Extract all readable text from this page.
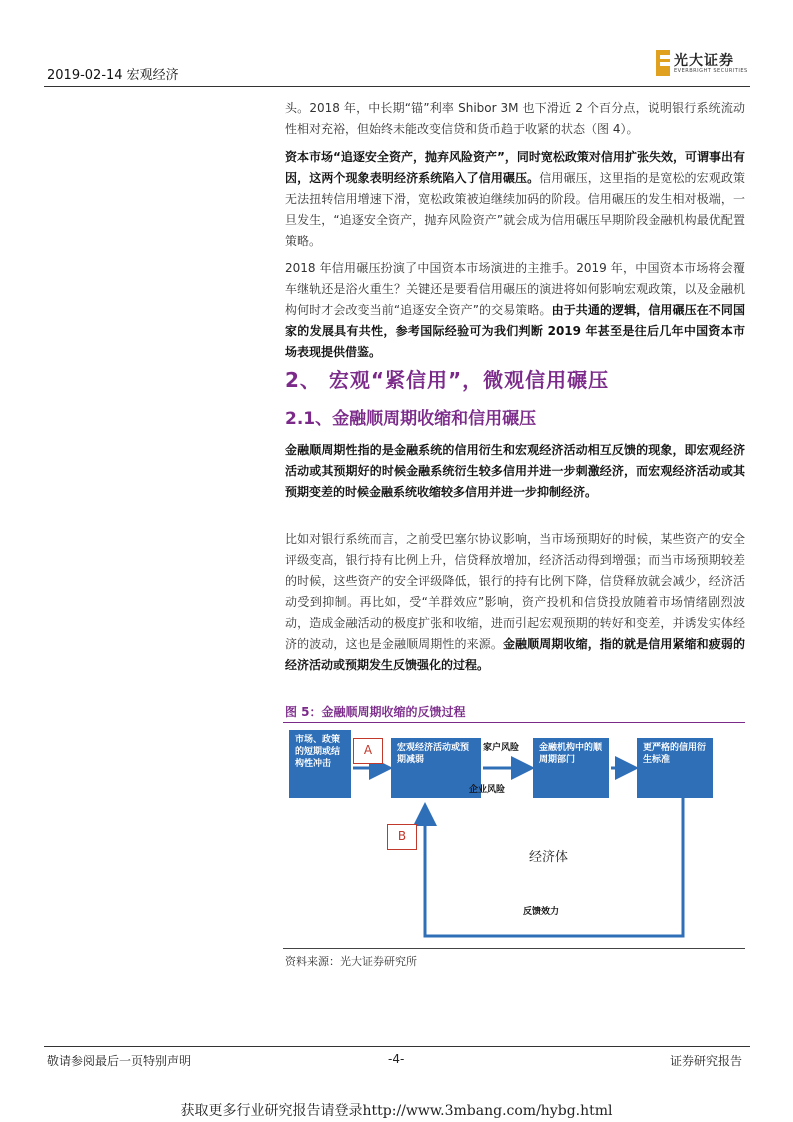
2019-02-14 宏观经济
光大证券
EVERBRIGHT SECURITIES
头。2018 年，中长期“锚”利率 Shibor 3M 也下滑近 2 个百分点，说明银行系统流动性相对充裕，但始终未能改变信贷和货币趋于收紧的状态（图 4）。
资本市场“追逐安全资产，抛弃风险资产”，同时宽松政策对信用扩张失效，可谓事出有因，这两个现象表明经济系统陷入了信用碾压。信用碾压，这里指的是宽松的宏观政策无法扭转信用增速下滑，宽松政策被迫继续加码的阶段。信用碾压的发生相对极端，一旦发生，“追逐安全资产，抛弃风险资产”就会成为信用碾压早期阶段金融机构最优配置策略。
2018 年信用碾压扮演了中国资本市场演进的主推手。2019 年，中国资本市场将会覆车继轨还是浴火重生？关键还是要看信用碾压的演进将如何影响宏观政策，以及金融机构何时才会改变当前“追逐安全资产”的交易策略。由于共通的逻辑，信用碾压在不同国家的发展具有共性，参考国际经验可为我们判断 2019 年甚至是往后几年中国资本市场表现提供借鉴。
2、 宏观“紧信用”，微观信用碾压
2.1、金融顺周期收缩和信用碾压
金融顺周期性指的是金融系统的信用衍生和宏观经济活动相互反馈的现象，即宏观经济活动或其预期好的时候金融系统衍生较多信用并进一步刺激经济，而宏观经济活动或其预期变差的时候金融系统收缩较多信用并进一步抑制经济。
比如对银行系统而言，之前受巴塞尔协议影响，当市场预期好的时候，某些资产的安全评级变高，银行持有比例上升，信贷释放增加，经济活动得到增强；而当市场预期较差的时候，这些资产的安全评级降低，银行的持有比例下降，信贷释放就会减少，经济活动受到抑制。再比如，受“羊群效应”影响，资产投机和信贷投放随着市场情绪剧烈波动，造成金融活动的极度扩张和收缩，进而引起宏观预期的转好和变差，并诱发实体经济的波动，这也是金融顺周期性的来源。金融顺周期收缩，指的就是信用紧缩和疲弱的经济活动或预期发生反馈强化的过程。
图 5：金融顺周期收缩的反馈过程
市场、政策的短期或结构性冲击
A	宏观经济活动或预期减弱
家户风险
企业风险
金融机构中的顺周期部门
更严格的信用衍生标准
B
经济体
反馈效力
资料来源：光大证券研究所
敬请参阅最后一页特别声明	-4-	证券研究报告
获取更多行业研究报告请登录http://www.3mbang.com/hybg.html
